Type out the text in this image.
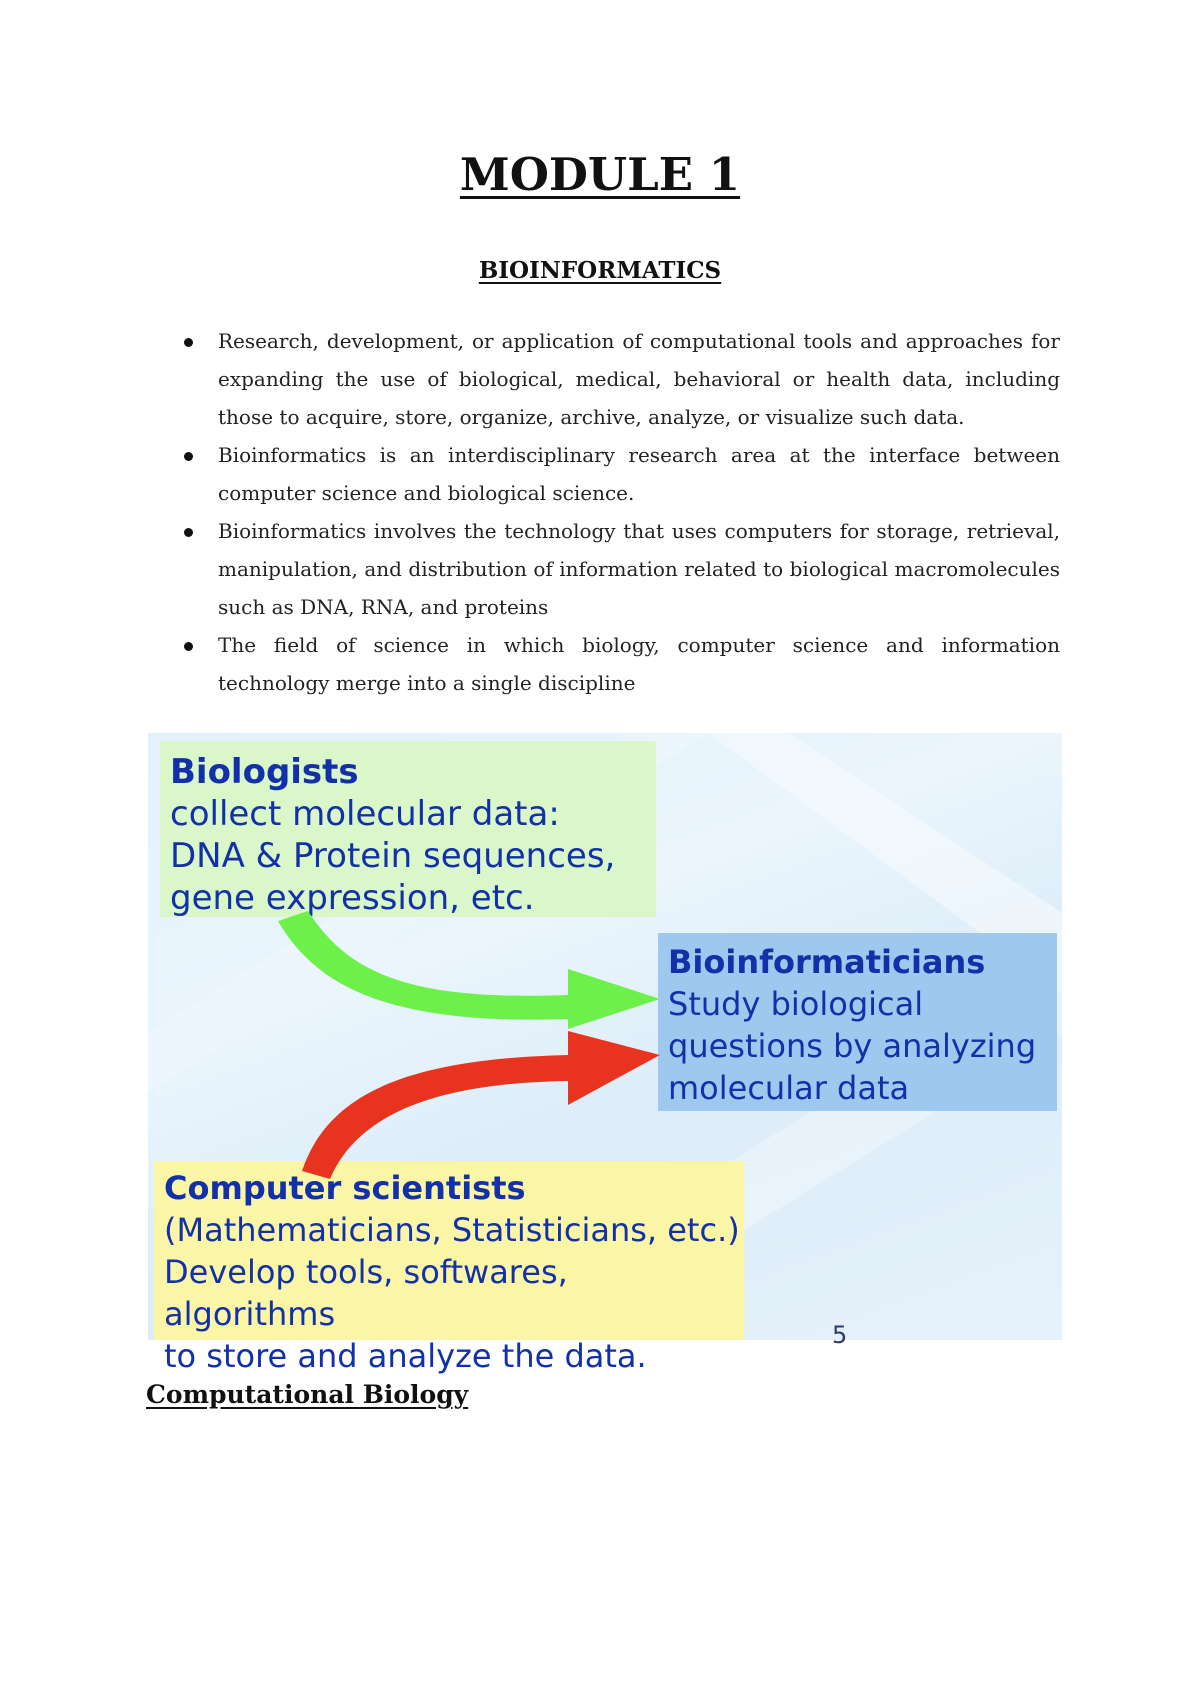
MODULE 1
BIOINFORMATICS
Research, development, or application of computational tools and approaches for expanding the use of biological, medical, behavioral or health data, including those to acquire, store, organize, archive, analyze, or visualize such data.
Bioinformatics is an interdisciplinary research area at the interface between computer science and biological science.
Bioinformatics involves the technology that uses computers for storage, retrieval, manipulation, and distribution of information related to biological macromolecules such as DNA, RNA, and proteins
The field of science in which biology, computer science and information technology merge into a single discipline
Biologists
collect molecular data:
DNA & Protein sequences,
gene expression, etc.
Bioinformaticians
Study biological
questions by analyzing
molecular data
Computer scientists
(Mathematicians, Statisticians, etc.)
Develop tools, softwares, algorithms
to store and analyze the data.
5
Computational Biology
